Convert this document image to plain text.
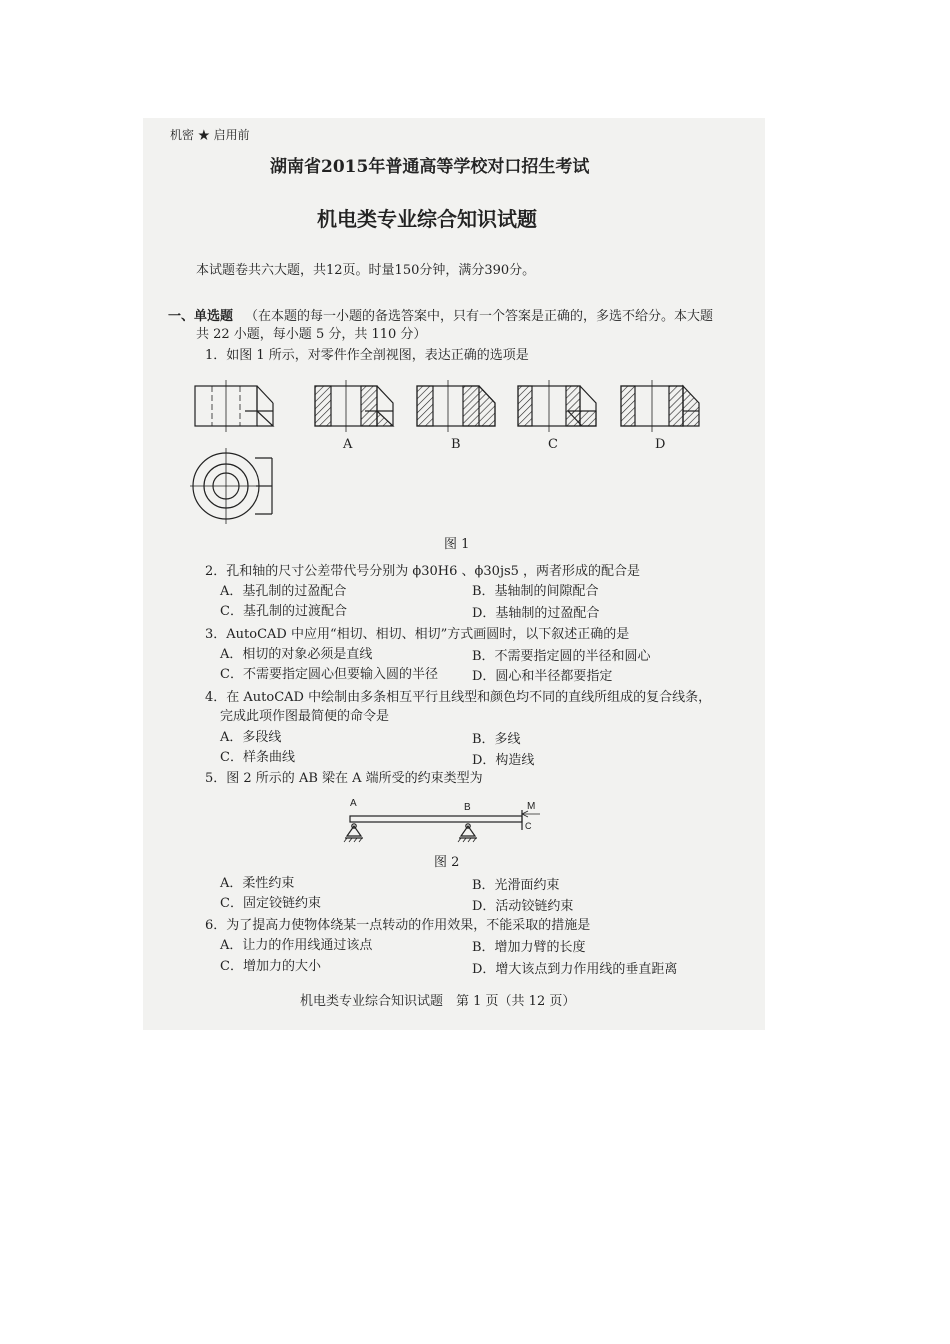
机密 ★ 启用前
湖南省2015年普通高等学校对口招生考试
机电类专业综合知识试题
本试题卷共六大题，共12页。时量150分钟，满分390分。
一、单选题 （在本题的每一小题的备选答案中，只有一个答案是正确的，多选不给分。本大题
共 22 小题，每小题 5 分，共 110 分）
1．如图 1 所示，对零件作全剖视图，表达正确的选项是
A	B	C	D
图 1
2．孔和轴的尺寸公差带代号分别为 ϕ30H6 、ϕ30js5 ，两者形成的配合是
A．基孔制的过盈配合	B．基轴制的间隙配合
C．基孔制的过渡配合	D．基轴制的过盈配合
3．AutoCAD 中应用“相切、相切、相切”方式画圆时，以下叙述正确的是
A．相切的对象必须是直线	B．不需要指定圆的半径和圆心
C．不需要指定圆心但要输入圆的半径	D．圆心和半径都要指定
4．在 AutoCAD 中绘制由多条相互平行且线型和颜色均不同的直线所组成的复合线条，
完成此项作图最简便的命令是
A．多段线	B．多线
C．样条曲线	D．构造线
5．图 2 所示的 AB 梁在 A 端所受的约束类型为
A	B	M
C
图 2
A．柔性约束	B．光滑面约束
C．固定铰链约束	D．活动铰链约束
6．为了提高力使物体绕某一点转动的作用效果，不能采取的措施是
A．让力的作用线通过该点	B．增加力臂的长度
C．增加力的大小	D．增大该点到力作用线的垂直距离
机电类专业综合知识试题　第 1 页（共 12 页）
